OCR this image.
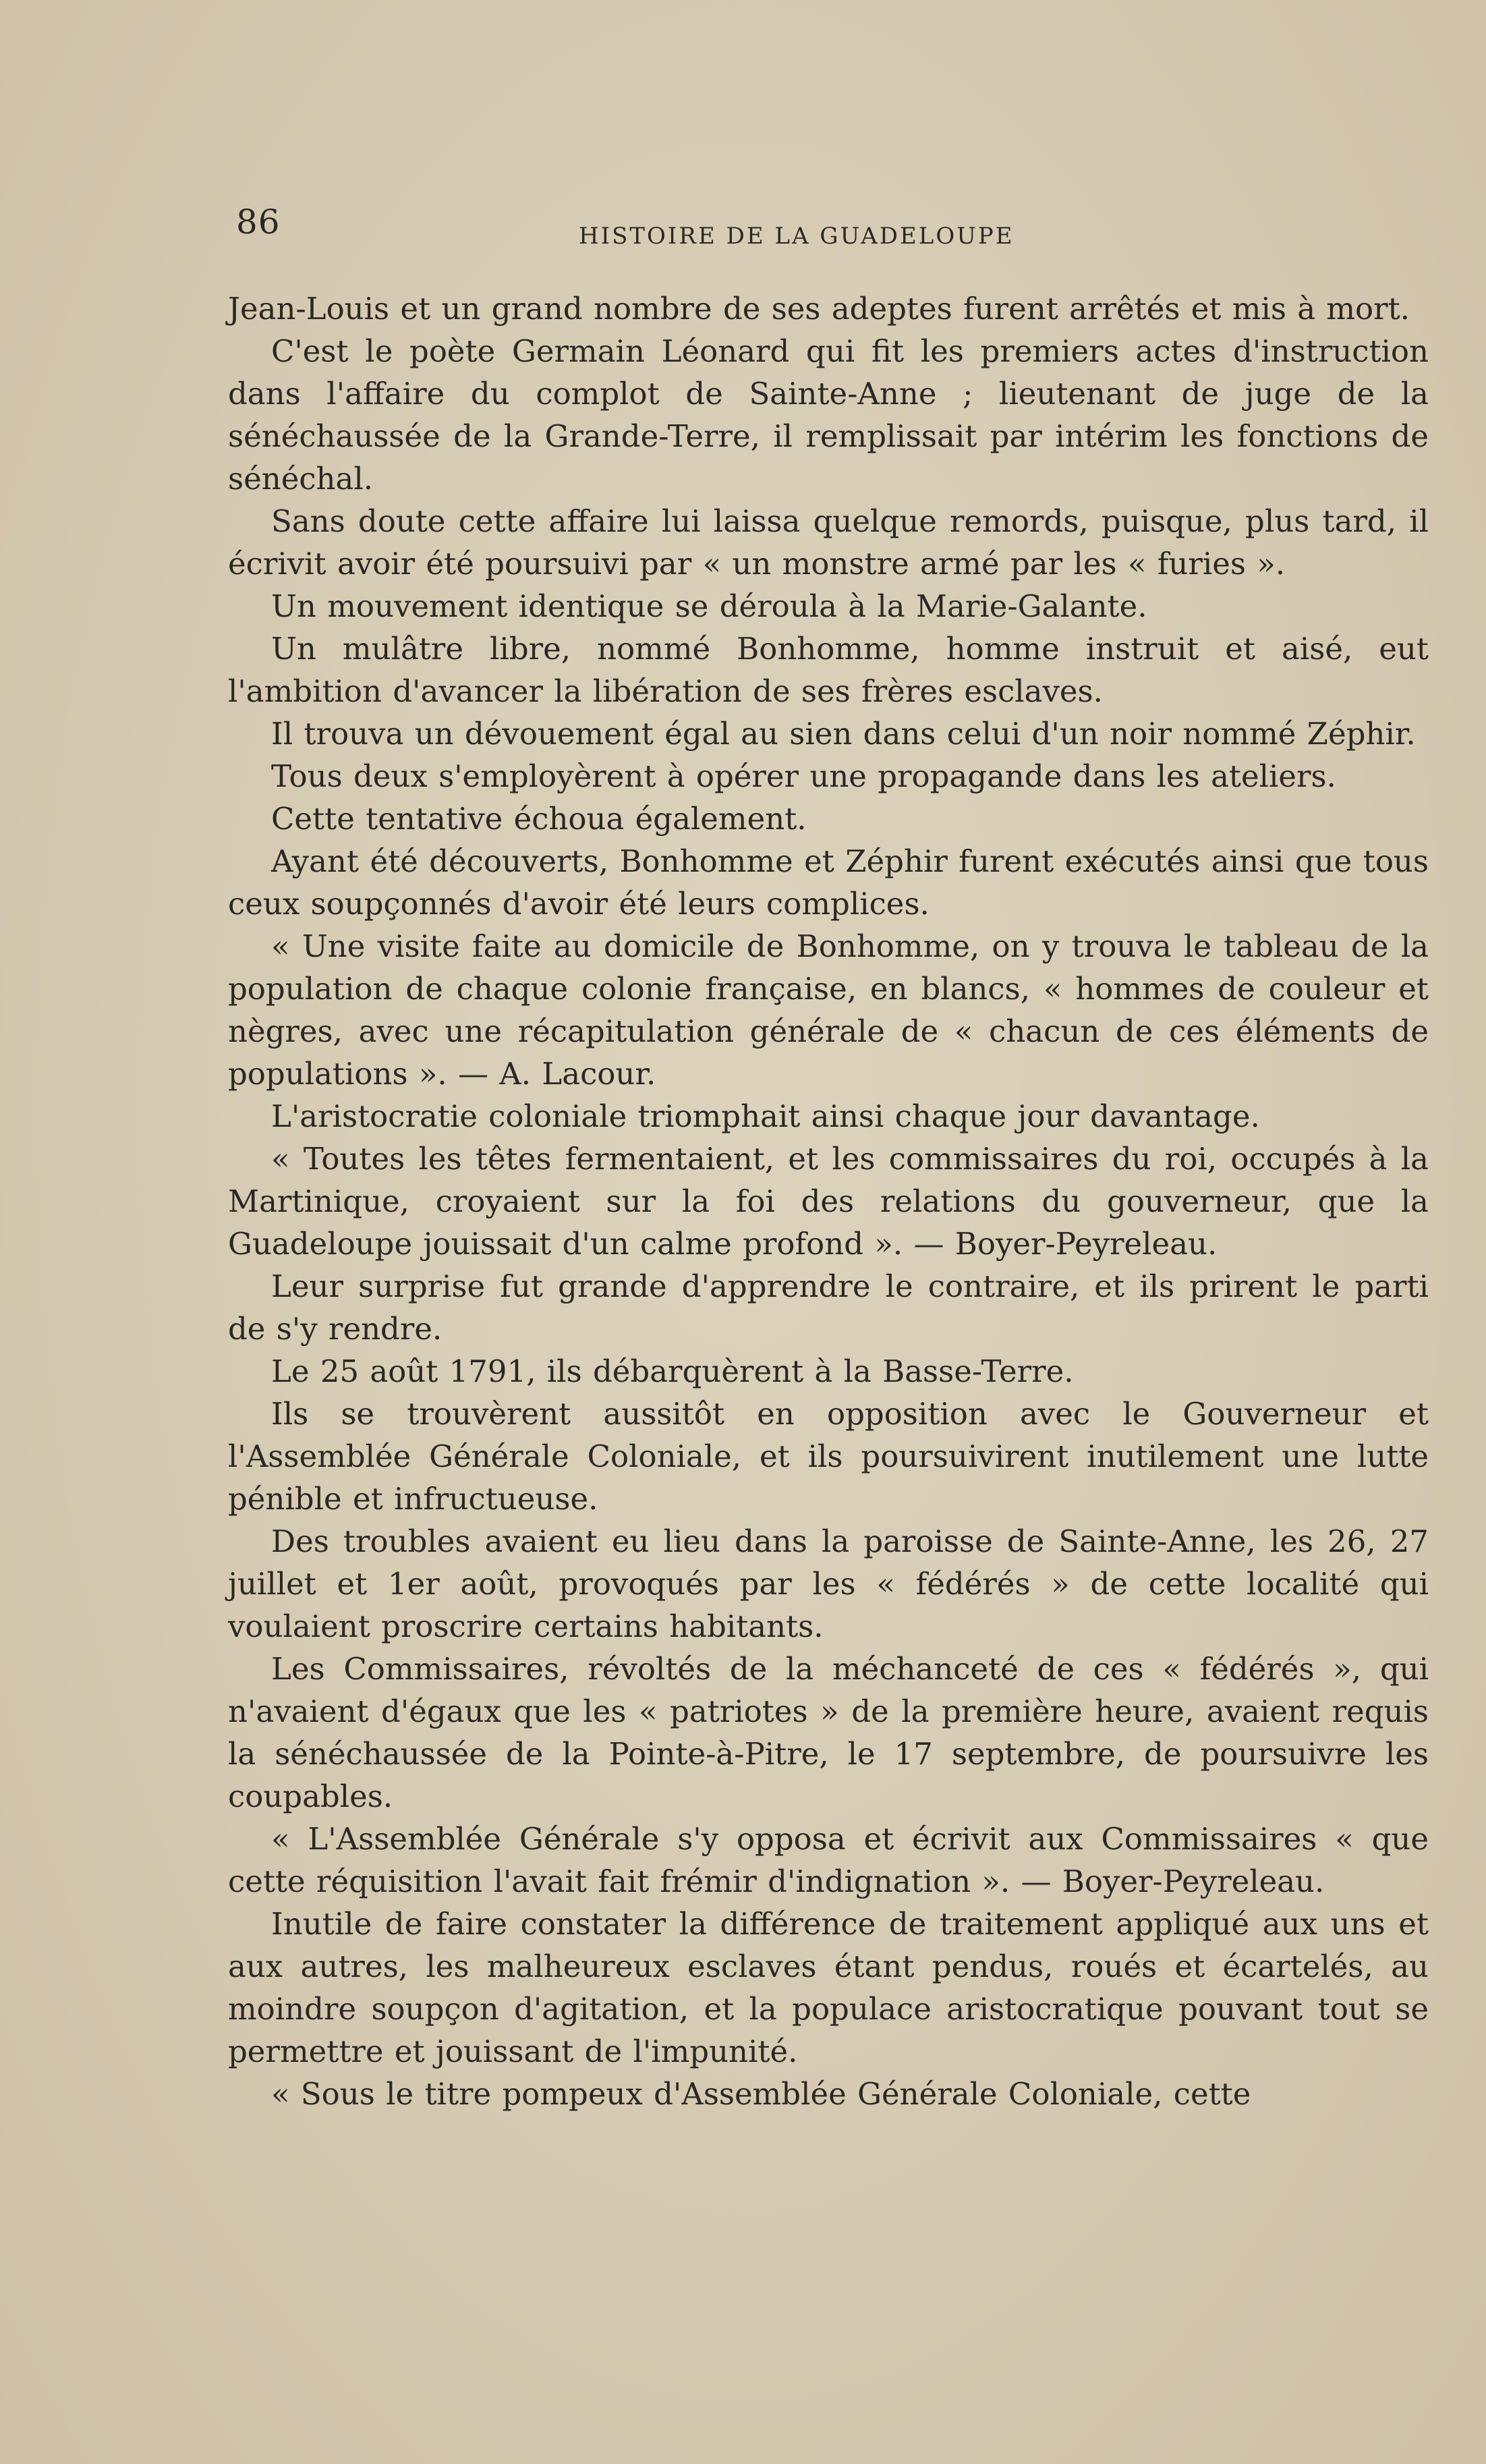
86	HISTOIRE DE LA GUADELOUPE

Jean-Louis et un grand nombre de ses adeptes furent arrêtés et mis à mort.

C'est le poète Germain Léonard qui fit les premiers actes d'instruction dans l'affaire du complot de Sainte-Anne ; lieutenant de juge de la sénéchaussée de la Grande-Terre, il remplissait par intérim les fonctions de sénéchal.

Sans doute cette affaire lui laissa quelque remords, puisque, plus tard, il écrivit avoir été poursuivi par « un monstre armé par les « furies ».

Un mouvement identique se déroula à la Marie-Galante.

Un mulâtre libre, nommé Bonhomme, homme instruit et aisé, eut l'ambition d'avancer la libération de ses frères esclaves.

Il trouva un dévouement égal au sien dans celui d'un noir nommé Zéphir.

Tous deux s'employèrent à opérer une propagande dans les ateliers.

Cette tentative échoua également.

Ayant été découverts, Bonhomme et Zéphir furent exécutés ainsi que tous ceux soupçonnés d'avoir été leurs complices.

« Une visite faite au domicile de Bonhomme, on y trouva le tableau de la population de chaque colonie française, en blancs, « hommes de couleur et nègres, avec une récapitulation générale de « chacun de ces éléments de populations ». — A. Lacour.

L'aristocratie coloniale triomphait ainsi chaque jour davantage.

« Toutes les têtes fermentaient, et les commissaires du roi, occupés à la Martinique, croyaient sur la foi des relations du gouverneur, que la Guadeloupe jouissait d'un calme profond ». — Boyer-Peyreleau.

Leur surprise fut grande d'apprendre le contraire, et ils prirent le parti de s'y rendre.

Le 25 août 1791, ils débarquèrent à la Basse-Terre.

Ils se trouvèrent aussitôt en opposition avec le Gouverneur et l'Assemblée Générale Coloniale, et ils poursuivirent inutilement une lutte pénible et infructueuse.

Des troubles avaient eu lieu dans la paroisse de Sainte-Anne, les 26, 27 juillet et 1er août, provoqués par les « fédérés » de cette localité qui voulaient proscrire certains habitants.

Les Commissaires, révoltés de la méchanceté de ces « fédérés », qui n'avaient d'égaux que les « patriotes » de la première heure, avaient requis la sénéchaussée de la Pointe-à-Pitre, le 17 septembre, de poursuivre les coupables.

« L'Assemblée Générale s'y opposa et écrivit aux Commissaires « que cette réquisition l'avait fait frémir d'indignation ». — Boyer-Peyreleau.

Inutile de faire constater la différence de traitement appliqué aux uns et aux autres, les malheureux esclaves étant pendus, roués et écartelés, au moindre soupçon d'agitation, et la populace aristocratique pouvant tout se permettre et jouissant de l'impunité.

« Sous le titre pompeux d'Assemblée Générale Coloniale, cette
